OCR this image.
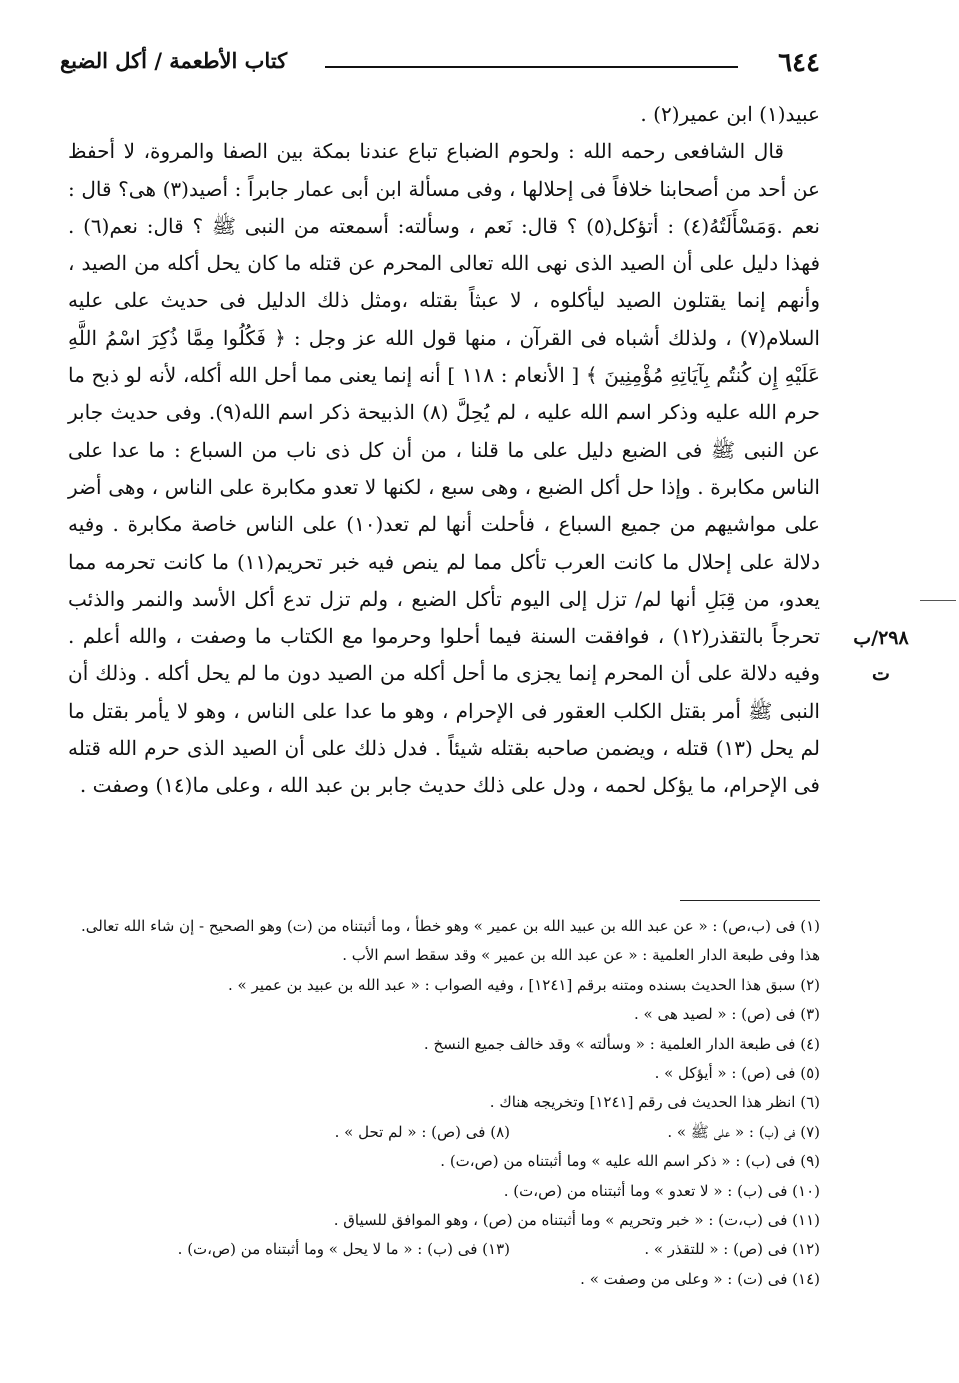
٦٤٤
كتاب الأطعمة / أكل الضبع
٢٩٨/ب
ت

عبيد(١) ابن عمير(٢) .

قال الشافعى رحمه الله : ولحوم الضباع تباع عندنا بمكة بين الصفا والمروة، لا أحفظ عن أحد من أصحابنا خلافاً فى إحلالها ، وفى مسألة ابن أبى عمار جابراً : أصيد(٣) هى؟ قال : نعم .وَمَسْأَلَتُهُ(٤) : أتؤكل(٥) ؟ قال: نَعم ، وسألته: أسمعته من النبى ﷺ ؟ قال: نعم(٦) . فهذا دليل على أن الصيد الذى نهى الله تعالى المحرم عن قتله ما كان يحل أكله من الصيد ، وأنهم إنما يقتلون الصيد ليأكلوه ، لا عبثاً بقتله ،ومثل ذلك الدليل فى حديث على عليه السلام(٧) ، ولذلك أشباه فى القرآن ، منها قول الله عز وجل : ﴿ فَكُلُوا مِمَّا ذُكِرَ اسْمُ اللَّهِ عَلَيْهِ إِن كُنتُم بِآيَاتِهِ مُؤْمِنِينَ ﴾ [ الأنعام : ١١٨ ] أنه إنما يعنى مما أحل الله أكله، لأنه لو ذبح ما حرم الله عليه وذكر اسم الله عليه ، لم يُحِلَّ (٨) الذبيحة ذكر اسم الله(٩). وفى حديث جابر عن النبى ﷺ فى الضبع دليل على ما قلنا ، من أن كل ذى ناب من السباع : ما عدا على الناس مكابرة . وإذا حل أكل الضبع ، وهى سبع ، لكنها لا تعدو مكابرة على الناس ، وهى أضر على مواشيهم من جميع السباع ، فأحلت أنها لم تعد(١٠) على الناس خاصة مكابرة . وفيه دلالة على إحلال ما كانت العرب تأكل مما لم ينص فيه خبر تحريم(١١) ما كانت تحرمه مما يعدو، من قِبَلِ أنها لم/ تزل إلى اليوم تأكل الضبع ، ولم تزل تدع أكل الأسد والنمر والذئب تحرجاً بالتقذر(١٢) ، فوافقت السنة فيما أحلوا وحرموا مع الكتاب ما وصفت ، والله أعلم . وفيه دلالة على أن المحرم إنما يجزى ما أحل أكله من الصيد دون ما لم يحل أكله . وذلك أن النبى ﷺ أمر بقتل الكلب العقور فى الإحرام ، وهو ما عدا على الناس ، وهو لا يأمر بقتل ما لم يحل (١٣) قتله ، ويضمن صاحبه بقتله شيئاً . فدل ذلك على أن الصيد الذى حرم الله قتله فى الإحرام، ما يؤكل لحمه ، ودل على ذلك حديث جابر بن عبد الله ، وعلى ما(١٤) وصفت .

(١) فى (ب،ص) : « عن عبد الله بن عبيد الله بن عمير » وهو خطأ ، وما أثبتناه من (ت) وهو الصحيح - إن شاء الله تعالى. هذا وفى طبعة الدار العلمية : « عن عبد الله بن عمير » وقد سقط اسم الأب .

(٢) سبق هذا الحديث بسنده ومتنه برقم [١٢٤١] ، وفيه الصواب : « عبد الله بن عبيد بن عمير » .

(٣) فى (ص) : « لصيد هى » .

(٤) فى طبعة الدار العلمية : « وسألته » وقد خالف جميع النسخ .

(٥) فى (ص) : « أيؤكل » .

(٦) انظر هذا الحديث فى رقم [١٢٤١] وتخريجه هناك .

(٧) فى (ب) : « على ﷺ » .
(٨) فى (ص) : « لم تحل » .

(٩) فى (ب) : « ذكر اسم الله عليه » وما أثبتناه من (ص،ت) .

(١٠) فى (ب) : « لا تعدو » وما أثبتناه من (ص،ت) .

(١١) فى (ب،ت) : « خبر وتحريم » وما أثبتناه من (ص) ، وهو الموافق للسياق .

(١٢) فى (ص) : « للتقذر » .
(١٣) فى (ب) : « ما لا يحل » وما أثبتناه من (ص،ت) .

(١٤) فى (ت) : « وعلى من وصفت » .
